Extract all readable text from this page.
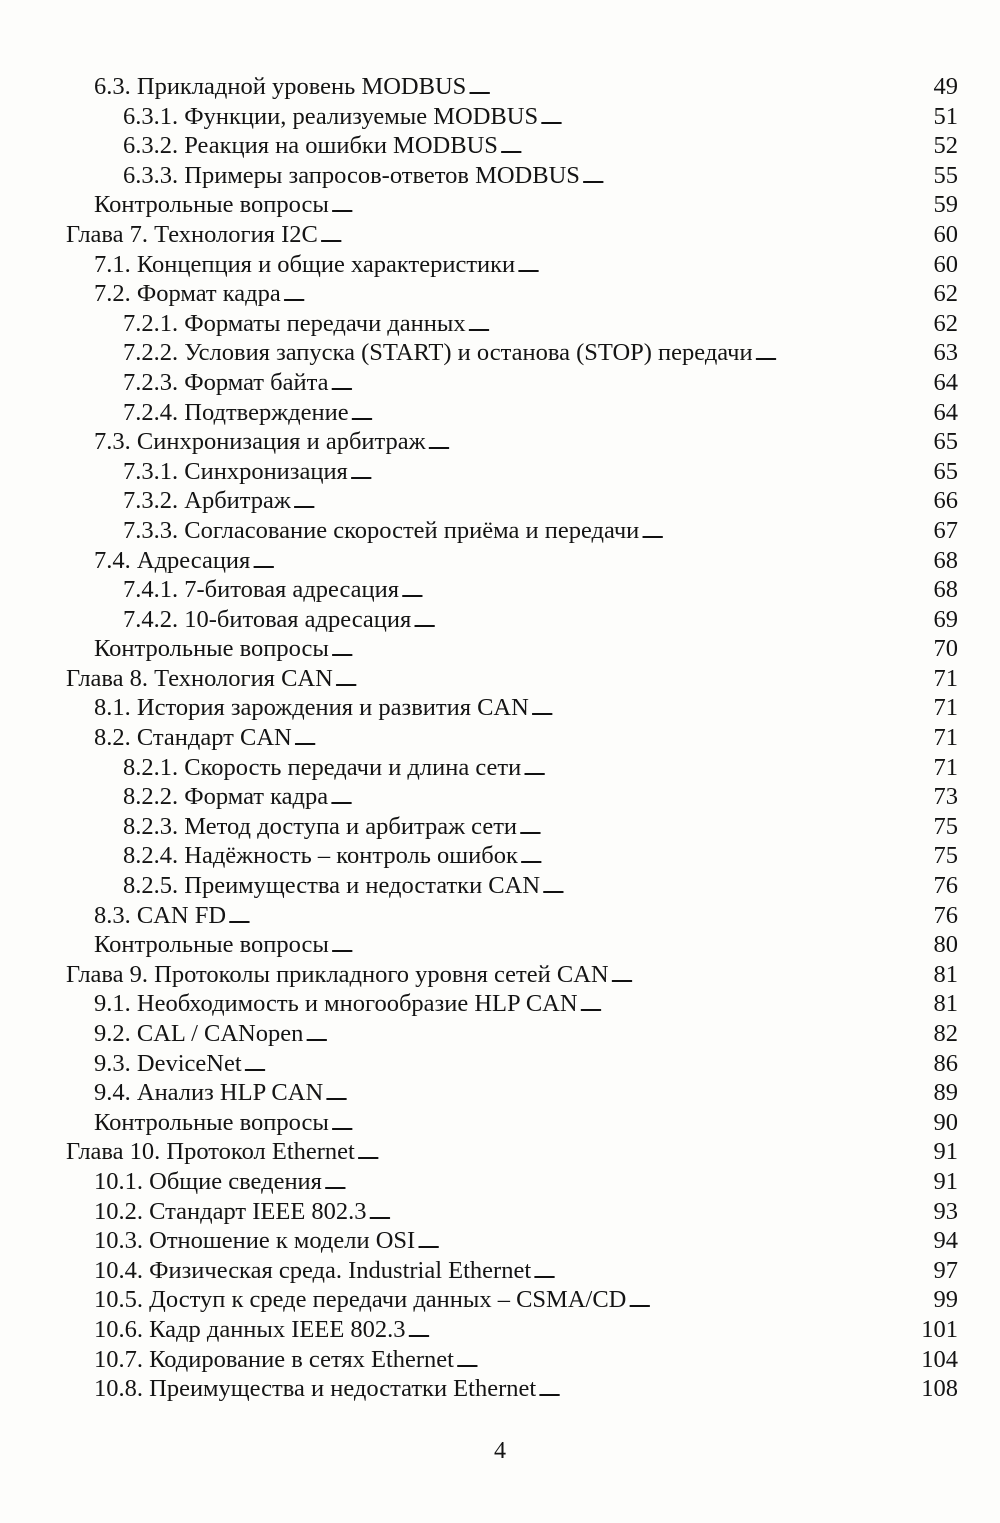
6.3. Прикладной уровень MODBUS . . .	49
6.3.1. Функции, реализуемые MODBUS . . .	51
6.3.2. Реакция на ошибки MODBUS . . .	52
6.3.3. Примеры запросов-ответов MODBUS . . .	55
Контрольные вопросы . . .	59
Глава 7. Технология I2C . . .	60
7.1. Концепция и общие характеристики . . .	60
7.2. Формат кадра . . .	62
7.2.1. Форматы передачи данных . . .	62
7.2.2. Условия запуска (START) и останова (STOP) передачи . . .	63
7.2.3. Формат байта . . .	64
7.2.4. Подтверждение . . .	64
7.3. Синхронизация и арбитраж . . .	65
7.3.1. Синхронизация . . .	65
7.3.2. Арбитраж . . .	66
7.3.3. Согласование скоростей приёма и передачи . . .	67
7.4. Адресация . . .	68
7.4.1. 7-битовая адресация . . .	68
7.4.2. 10-битовая адресация . . .	69
Контрольные вопросы . . .	70
Глава 8. Технология CAN . . .	71
8.1. История зарождения и развития CAN . . .	71
8.2. Стандарт CAN . . .	71
8.2.1. Скорость передачи и длина сети . . .	71
8.2.2. Формат кадра . . .	73
8.2.3. Метод доступа и арбитраж сети . . .	75
8.2.4. Надёжность – контроль ошибок . . .	75
8.2.5. Преимущества и недостатки CAN . . .	76
8.3. CAN FD . . .	76
Контрольные вопросы . . .	80
Глава 9. Протоколы прикладного уровня сетей CAN . . .	81
9.1. Необходимость и многообразие HLP CAN . . .	81
9.2. CAL / CANopen . . .	82
9.3. DeviceNet . . .	86
9.4. Анализ HLP CAN . . .	89
Контрольные вопросы . . .	90
Глава 10. Протокол Ethernet . . .	91
10.1. Общие сведения . . .	91
10.2. Стандарт IEEE 802.3 . . .	93
10.3. Отношение к модели OSI . . .	94
10.4. Физическая среда. Industrial Ethernet . . .	97
10.5. Доступ к среде передачи данных – CSMA/CD . . .	99
10.6. Кадр данных IEEE 802.3 . . .	101
10.7. Кодирование в сетях Ethernet . . .	104
10.8. Преимущества и недостатки Ethernet . . .	108
4
